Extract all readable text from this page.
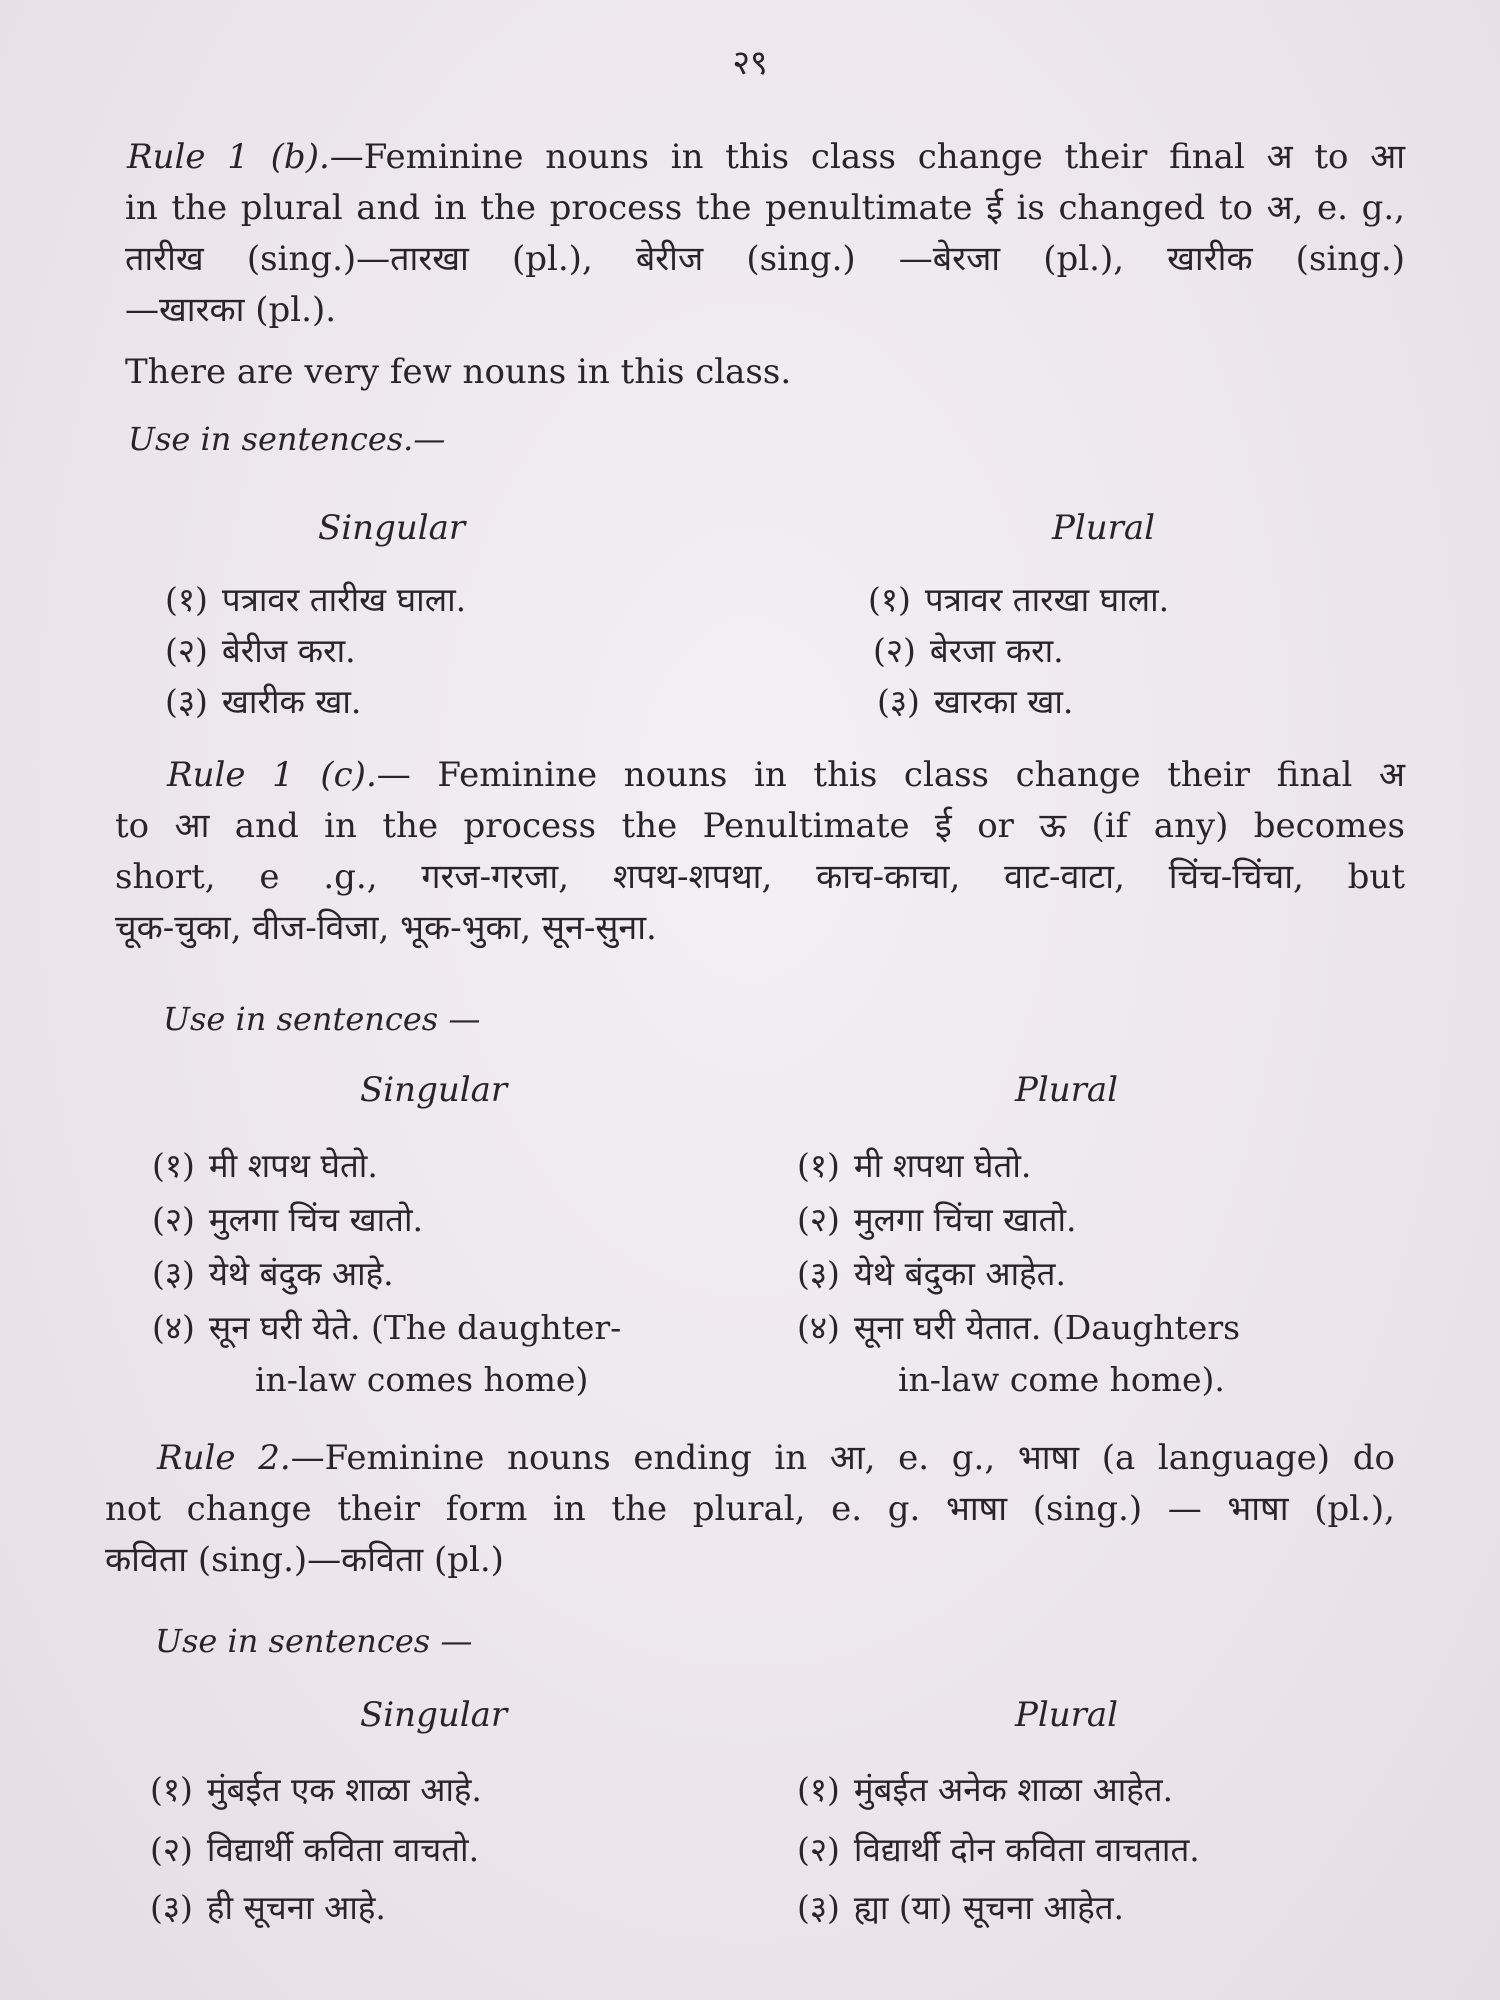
२९
Rule 1 (b).—Feminine nouns in this class change their final अ to आ
in the plural and in the process the penultimate ई is changed to अ, e. g.,
तारीख (sing.)—तारखा (pl.), बेरीज (sing.) —बेरजा (pl.), खारीक (sing.)
—खारका (pl.).
There are very few nouns in this class.
Use in sentences.—
Singular	Plural
(१) पत्रावर तारीख घाला.	(१) पत्रावर तारखा घाला.
(२) बेरीज करा.	(२) बेरजा करा.
(३) खारीक खा.	(३) खारका खा.
Rule 1 (c).— Feminine nouns in this class change their final अ
to आ and in the process the Penultimate ई or ऊ (if any) becomes
short, e .g., गरज-गरजा, शपथ-शपथा, काच-काचा, वाट-वाटा, चिंच-चिंचा, but
चूक-चुका, वीज-विजा, भूक-भुका, सून-सुना.
Use in sentences —
Singular	Plural
(१) मी शपथ घेतो.	(१) मी शपथा घेतो.
(२) मुलगा चिंच खातो.	(२) मुलगा चिंचा खातो.
(३) येथे बंदुक आहे.	(३) येथे बंदुका आहेत.
(४) सून घरी येते. (The daughter-	(४) सूना घरी येतात. (Daughters
in-law comes home)	in-law come home).
Rule 2.—Feminine nouns ending in आ, e. g., भाषा (a language) do
not change their form in the plural, e. g. भाषा (sing.) — भाषा (pl.),
कविता (sing.)—कविता (pl.)
Use in sentences —
Singular	Plural
(१) मुंबईत एक शाळा आहे.	(१) मुंबईत अनेक शाळा आहेत.
(२) विद्यार्थी कविता वाचतो.	(२) विद्यार्थी दोन कविता वाचतात.
(३) ही सूचना आहे.	(३) ह्या (या) सूचना आहेत.
